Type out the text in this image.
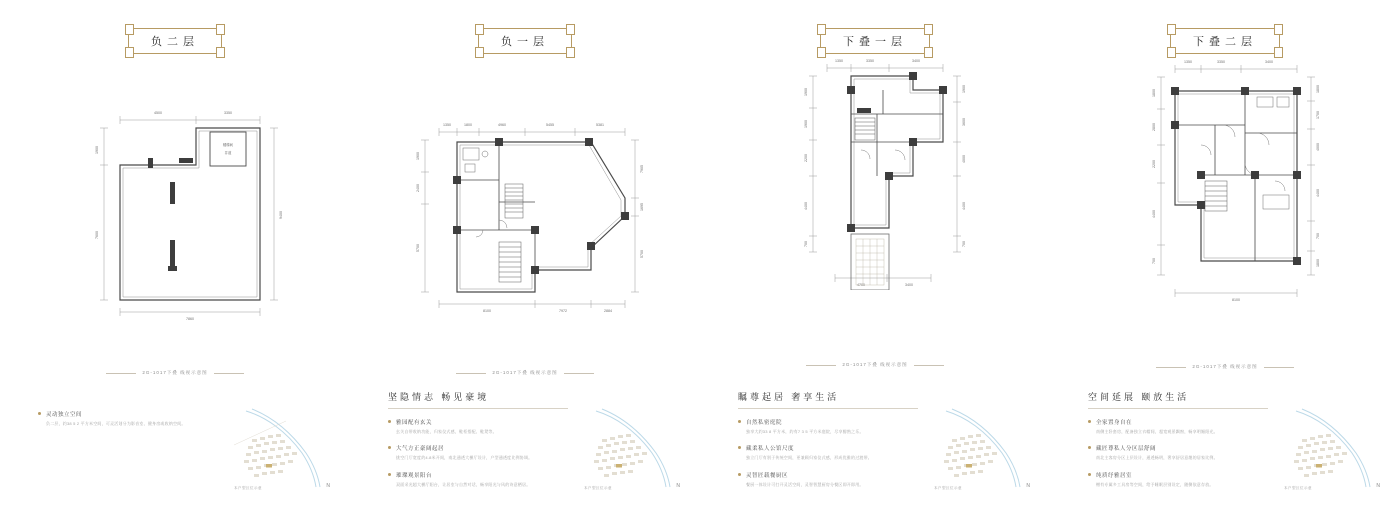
负二层
4500	3350
1900
7600
9400
7860
楼梯间
井道
2G-1017下叠 线视示意图
灵动独立空间
负二层，约38 5 2 平方米空间，可灵活划分为影音室、健身房或收纳空间。
本户型区位示意	N
负一层
1350	1800	4960	5455	5381
1900
2400
5700
7905
1695
5700
8100	7972	2884
2G-1017下叠 线视示意图
坚隐情志 畅见豪境
雅园配有玄关
玄关自带收纳功能，归家仪式感，鞋柜搭配、鞋凳等。
大气方正豪阔起居
挑空门厅宽度约4.8米开间，南北通透大横厅设计，户型通透度比例协调。
璀璨观景阳台
双面采光超大横厅阳台，让居室与自然对话，畅享阳光与风的诗意栖居。
本户型区位示意	N
下叠一层
1350	3350	3400
1900
1900
2200
4400
700
1900
3600
4000
4400
700
4700	3400
2G-1017下叠 线视示意图
瞩尊起居 奢享生活
自然私密庭院
独享大约33 8 平方米，约有7 3 5 平方米庭院，尽享醇熟之乐。
藏柔私人公馆尺度
独立门厅有别于传统空间，更兼顾归家仪式感，形成优雅的过渡带。
灵智匠载餐厨区
餐厨一体设计可打开灵活空间，灵智智慧厨房分餐区即开即用。
本户型区位示意	N
下叠二层
1350	3350	3400
1800
2800
2200
4400
700
1800
1700
4000
4400
700
1800
8100
2G-1017下叠 线视示意图
空间延展 颐放生活
全家置身自在
南侧主卧套房，配备独立衣帽间，超宽观景飘窗，畅享明媚阳光。
藏匠尊私人分区层舒阔
南北主客房分区上层设计，通透畅明，奢享舒居意趣的居家比例。
纯质纾雅居室
赠有专属多工具房等空间，给予睡眠层别设定，随侧依意存放。
本户型区位示意	N
